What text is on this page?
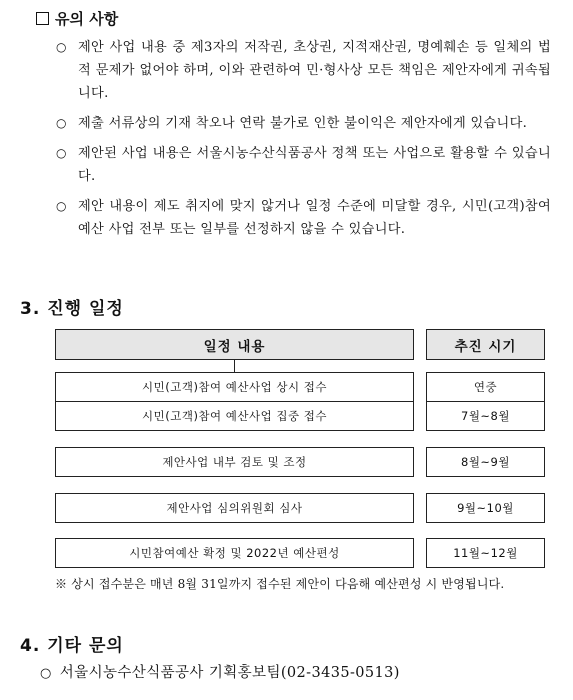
유의 사항
○ 제안 사업 내용 중 제3자의 저작권, 초상권, 지적재산권, 명예훼손 등 일체의 법적 문제가 없어야 하며, 이와 관련하여 민·형사상 모든 책임은 제안자에게 귀속됩니다.
○ 제출 서류상의 기재 착오나 연락 불가로 인한 불이익은 제안자에게 있습니다.
○ 제안된 사업 내용은 서울시농수산식품공사 정책 또는 사업으로 활용할 수 있습니다.
○ 제안 내용이 제도 취지에 맞지 않거나 일정 수준에 미달할 경우, 시민(고객)참여예산 사업 전부 또는 일부를 선정하지 않을 수 있습니다.
3. 진행 일정
일정 내용	추진 시기
시민(고객)참여 예산사업 상시 접수	연중
시민(고객)참여 예산사업 집중 접수	7월~8월
제안사업 내부 검토 및 조정	8월~9월
제안사업 심의위원회 심사	9월~10월
시민참여예산 확정 및 2022년 예산편성	11월~12월
※ 상시 접수분은 매년 8월 31일까지 접수된 제안이 다음해 예산편성 시 반영됩니다.
4. 기타 문의
○ 서울시농수산식품공사 기획홍보팀(02-3435-0513)
